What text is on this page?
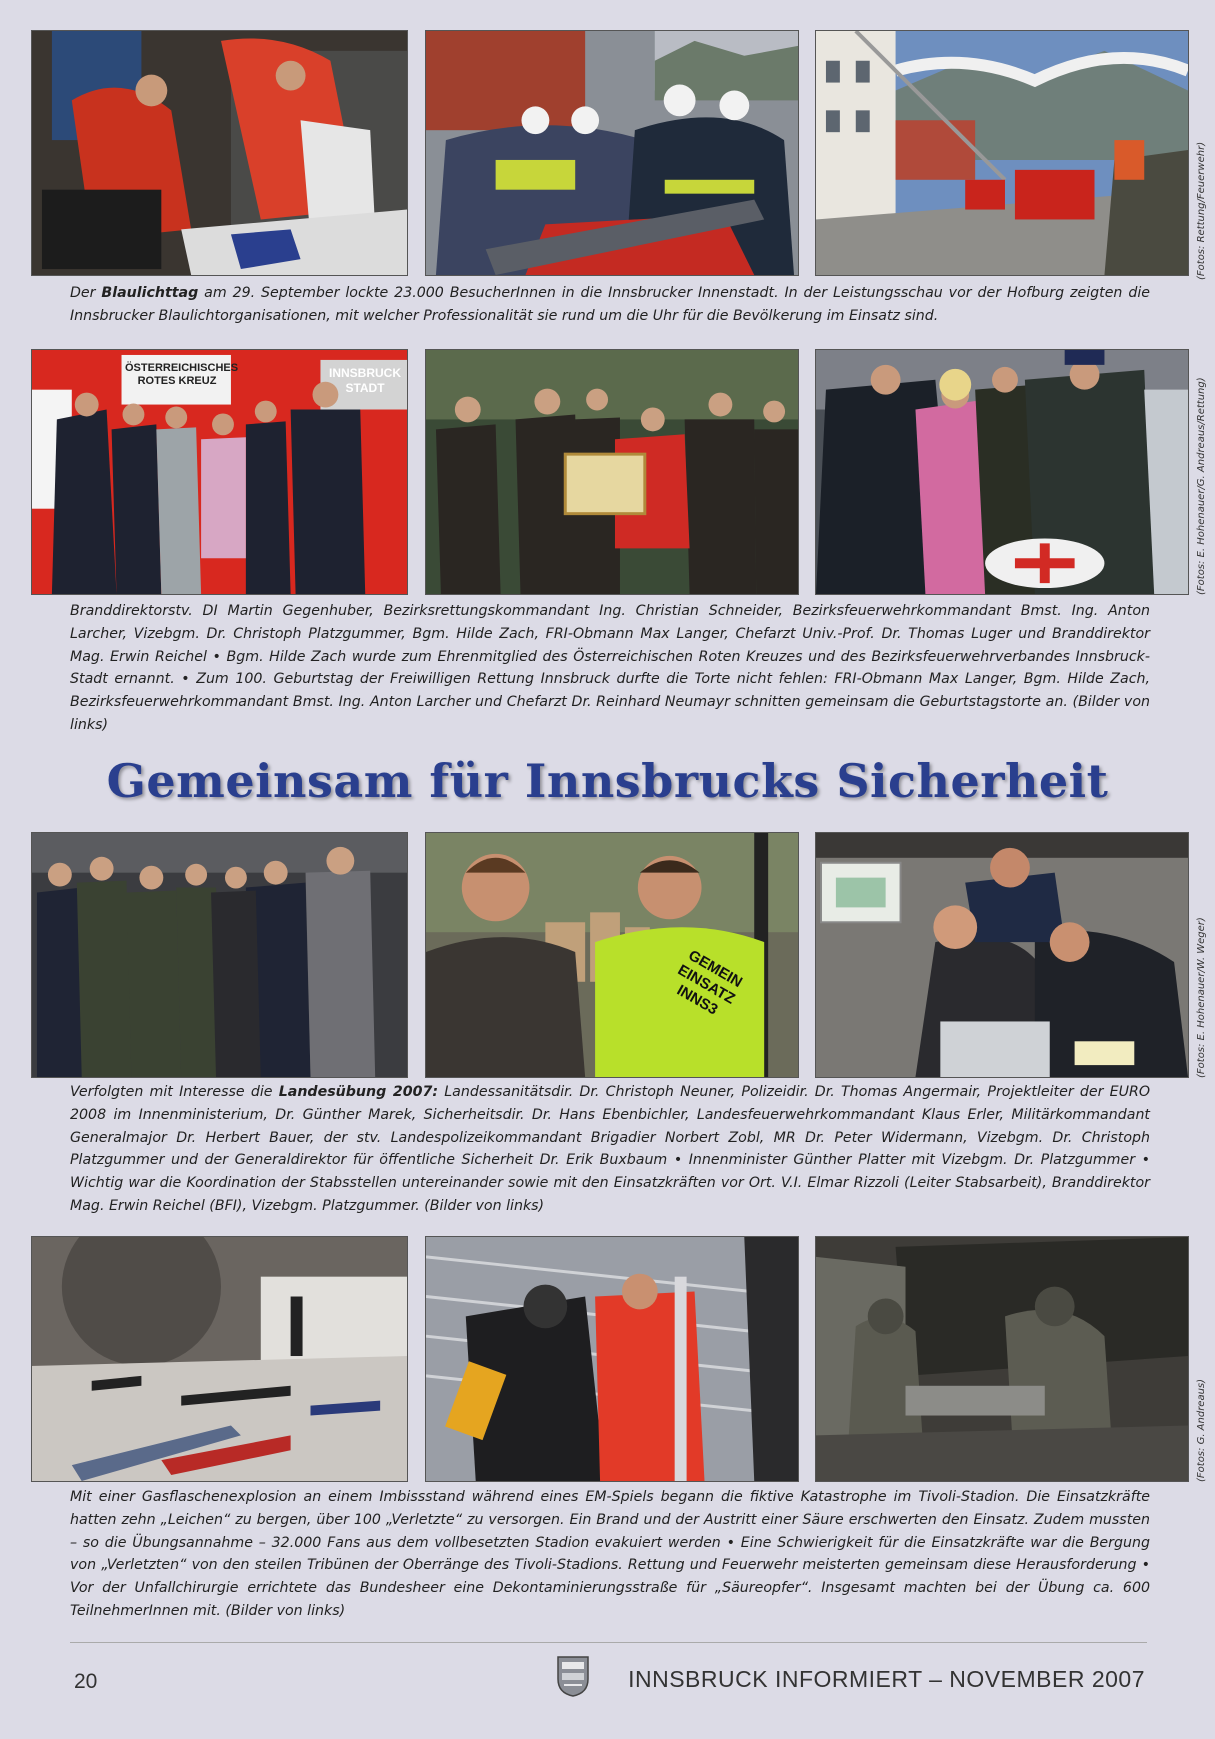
(Fotos: Rettung/Feuerwehr)
Der Blaulichttag am 29. September lockte 23.000 BesucherInnen in die Innsbrucker Innenstadt. In der Leistungsschau vor der Hofburg zeigten die Innsbrucker Blaulichtorganisationen, mit welcher Professionalität sie rund um die Uhr für die Bevölkerung im Einsatz sind.
ÖSTERREICHISCHES ROTES KREUZ
INNSBRUCK STADT	(Fotos: E. Hohenauer/G. Andreaus/Rettung)
Branddirektorstv. DI Martin Gegenhuber, Bezirksrettungskommandant Ing. Christian Schneider, Bezirksfeuerwehrkommandant Bmst. Ing. Anton Larcher, Vizebgm. Dr. Christoph Platzgummer, Bgm. Hilde Zach, FRI-Obmann Max Langer, Chefarzt Univ.-Prof. Dr. Thomas Luger und Branddirektor Mag. Erwin Reichel • Bgm. Hilde Zach wurde zum Ehrenmitglied des Österreichischen Roten Kreuzes und des Bezirksfeuerwehrverbandes Innsbruck-Stadt ernannt. • Zum 100. Geburtstag der Freiwilligen Rettung Innsbruck durfte die Torte nicht fehlen: FRI-Obmann Max Langer, Bgm. Hilde Zach, Bezirksfeuerwehrkommandant Bmst. Ing. Anton Larcher und Chefarzt Dr. Reinhard Neumayr schnitten gemeinsam die Geburtstagstorte an. (Bilder von links)
Gemeinsam für Innsbrucks Sicherheit
GEMEIN EINSATZ INNS3	(Fotos: E. Hohenauer/W. Weger)
Verfolgten mit Interesse die Landesübung 2007: Landessanitätsdir. Dr. Christoph Neuner, Polizeidir. Dr. Thomas Angermair, Projektleiter der EURO 2008 im Innenministerium, Dr. Günther Marek, Sicherheitsdir. Dr. Hans Ebenbichler, Landesfeuerwehrkommandant Klaus Erler, Militärkommandant Generalmajor Dr. Herbert Bauer, der stv. Landespolizeikommandant Brigadier Norbert Zobl, MR Dr. Peter Widermann, Vizebgm. Dr. Christoph Platzgummer und der Generaldirektor für öffentliche Sicherheit Dr. Erik Buxbaum • Innenminister Günther Platter mit Vizebgm. Dr. Platzgummer • Wichtig war die Koordination der Stabsstellen untereinander sowie mit den Einsatzkräften vor Ort. V.I. Elmar Rizzoli (Leiter Stabsarbeit), Branddirektor Mag. Erwin Reichel (BFI), Vizebgm. Platzgummer. (Bilder von links)
(Fotos: G. Andreaus)
Mit einer Gasflaschenexplosion an einem Imbissstand während eines EM-Spiels begann die fiktive Katastrophe im Tivoli-Stadion. Die Einsatzkräfte hatten zehn „Leichen“ zu bergen, über 100 „Verletzte“ zu versorgen. Ein Brand und der Austritt einer Säure erschwerten den Einsatz. Zudem mussten – so die Übungsannahme – 32.000 Fans aus dem vollbesetzten Stadion evakuiert werden • Eine Schwierigkeit für die Einsatzkräfte war die Bergung von „Verletzten“ von den steilen Tribünen der Oberränge des Tivoli-Stadions. Rettung und Feuerwehr meisterten gemeinsam diese Herausforderung • Vor der Unfallchirurgie errichtete das Bundesheer eine Dekontaminierungsstraße für „Säureopfer“. Insgesamt machten bei der Übung ca. 600 TeilnehmerInnen mit. (Bilder von links)
20	INNSBRUCK INFORMIERT – NOVEMBER 2007
